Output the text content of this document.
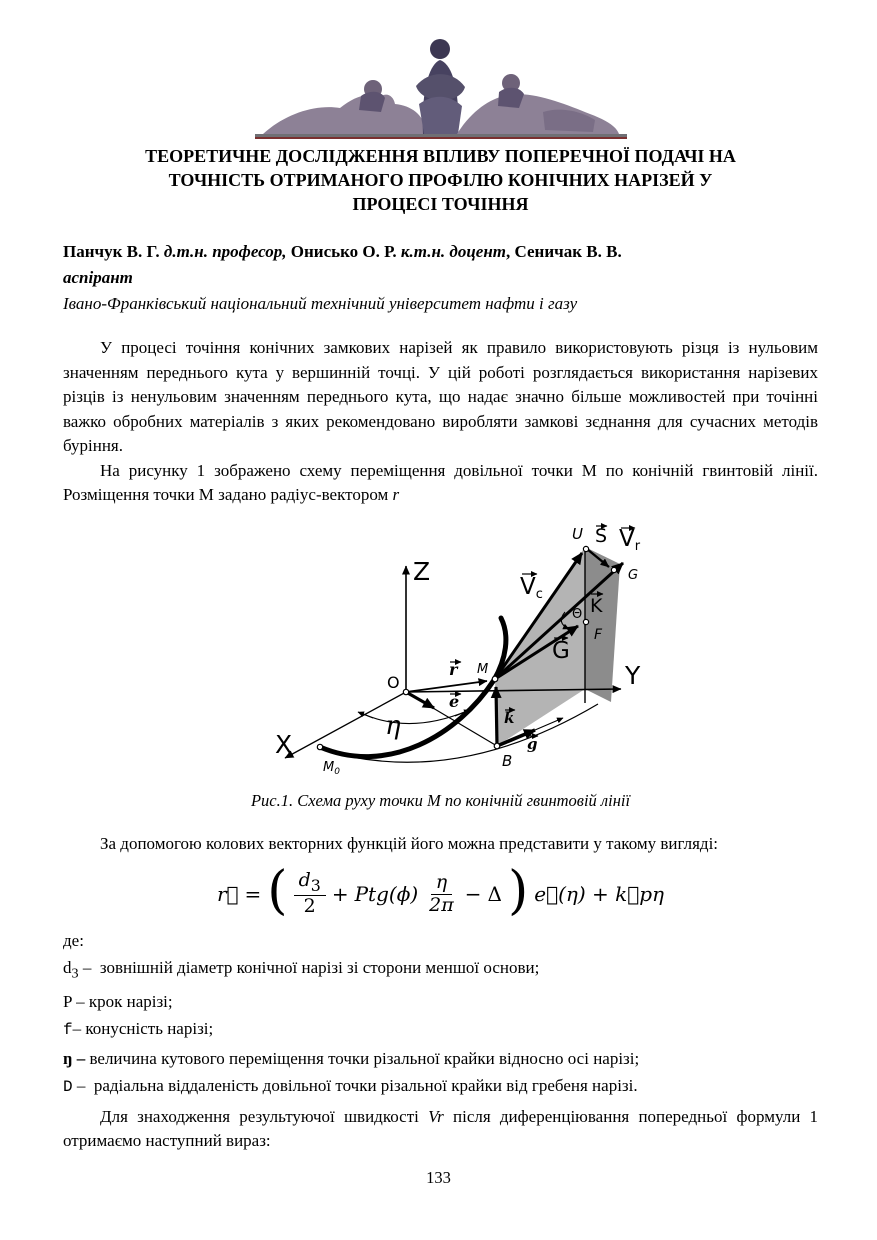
ТЕОРЕТИЧНЕ ДОСЛІДЖЕННЯ ВПЛИВУ ПОПЕРЕЧНОЇ ПОДАЧІ НА
ТОЧНІСТЬ ОТРИМАНОГО ПРОФІЛЮ КОНІЧНИХ НАРІЗЕЙ У
ПРОЦЕСІ ТОЧІННЯ
Панчук В. Г. д.т.н. професор, Онисько О. Р. к.т.н. доцент, Сеничак В. В.
аспірант
Івано-Франківський національний технічний університет нафти і газу

У процесі точіння конічних замкових нарізей як правило використовують різця із нульовим значенням переднього кута у вершинній точці. У цій роботі розглядається використання нарізевих різців із ненульовим значенням переднього кута, що надає значно більше можливостей при точінні важко обробних матеріалів з яких рекомендовано виробляти замкові зєднання для сучасних методів буріння.

На рисунку 1 зображено схему переміщення довільної точки М по конічній гвинтовій лінії. Розміщення точки М задано радіус-вектором r

Z
Y
X
O
M
B
U
$M_0$
G
F
Vc
Vr
S
K
G
r
e
k
g
η
Θ
Рис.1. Схема руху точки М по конічній гвинтовій лінії

За допомогою колових векторних функцій його можна представити у такому вигляді:

r⃗ = ( $\frac{d_3}{2} + Ptg(\phi) \frac{\eta}{2\pi} - \Delta$ ) e⃗(η) + k⃗pη
де:
$d_3$ – зовнішній діаметр конічної нарізі зі сторони меншої основи;
P – крок нарізі;
f– конусність нарізі;
ŋ – величина кутового переміщення точки різальної крайки відносно осі нарізі;
D – радіальна віддаленість довільної точки різальної крайки від гребеня нарізі.

Для знаходження результуючої швидкості Vr після диференціювання попередньої формули 1 отримаємо наступний вираз:

133
